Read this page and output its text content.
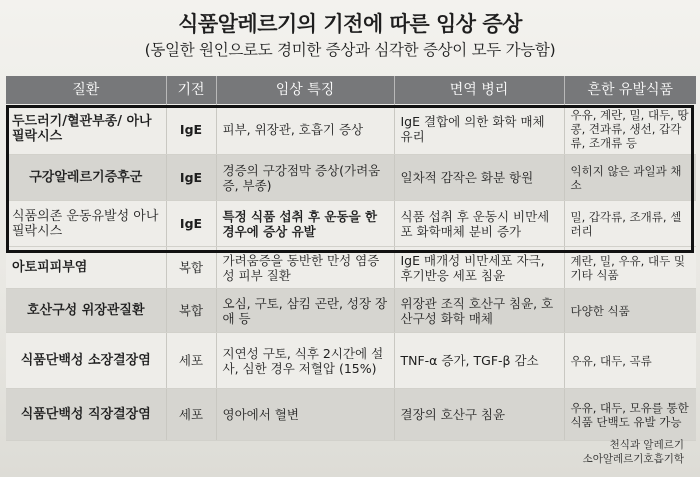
식품알레르기의 기전에 따른 임상 증상
(동일한 원인으로도 경미한 증상과 심각한 증상이 모두 가능함)
질환	기전	임상 특징	면역 병리	흔한 유발식품
두드러기/혈관부종/ 아나필락시스	IgE	피부, 위장관, 호흡기 증상	IgE 결합에 의한 화학 매체 유리	우유, 계란, 밀, 대두, 땅콩, 견과류, 생선, 갑각류, 조개류 등
구강알레르기증후군	IgE	경증의 구강점막 증상(가려움증, 부종)	일차적 감작은 화분 항원	익히지 않은 과일과 채소
식품의존 운동유발성 아나필락시스	IgE	특정 식품 섭취 후 운동을 한 경우에 증상 유발	식품 섭취 후 운동시 비만세포 화학매체 분비 증가	밀, 갑각류, 조개류, 셀러리
아토피피부염	복합	가려움증을 동반한 만성 염증성 피부 질환	IgE 매개성 비만세포 자극, 후기반응 세포 침윤	계란, 밀, 우유, 대두 및 기타 식품
호산구성 위장관질환	복합	오심, 구토, 삼킴 곤란, 성장 장애 등	위장관 조직 호산구 침윤, 호산구성 화학 매체	다양한 식품
식품단백성 소장결장염	세포	지연성 구토, 식후 2시간에 설사, 심한 경우 저혈압 (15%)	TNF-α 증가, TGF-β 감소	우유, 대두, 곡류
식품단백성 직장결장염	세포	영아에서 혈변	결장의 호산구 침윤	우유, 대두, 모유를 통한 식품 단백도 유발 가능
천식과 알레르기
소아알레르기호흡기학
